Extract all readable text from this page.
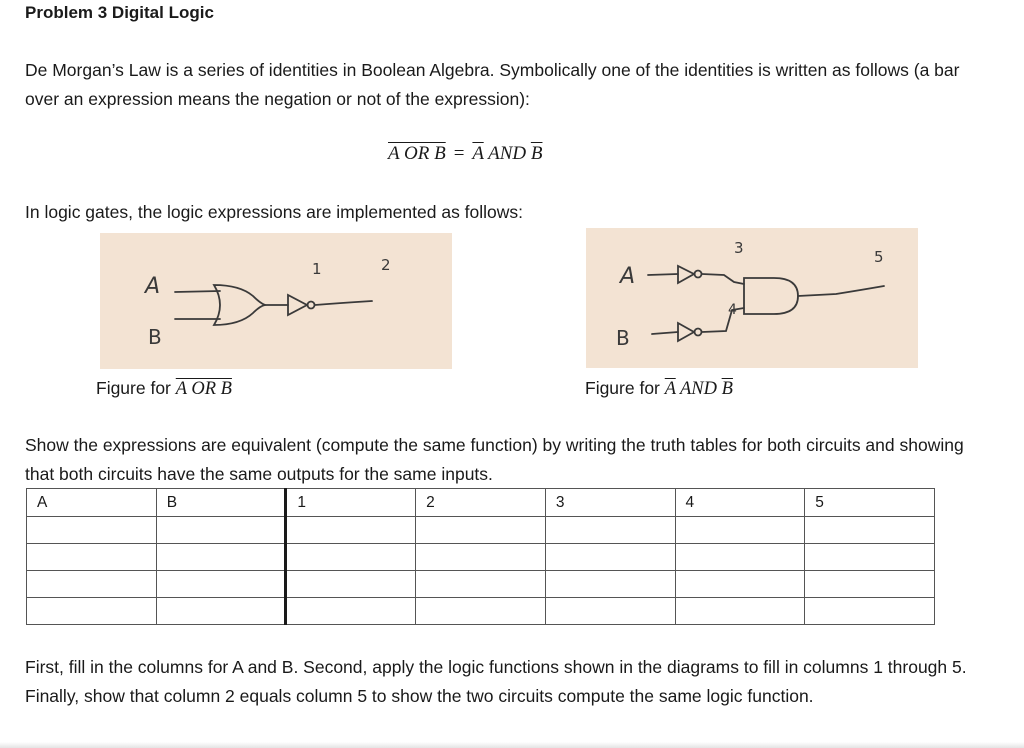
Problem 3 Digital Logic
De Morgan’s Law is a series of identities in Boolean Algebra. Symbolically one of the identities is written as follows (a bar over an expression means the negation or not of the expression):
A OR $B = \overline{A}$ AND $\overline{B}$
In logic gates, the logic expressions are implemented as follows:
A
B
1	2	A
B
3
4
5
Figure for A OR B	Figure for $\overline{A}$ AND $\overline{B}$
Show the expressions are equivalent (compute the same function) by writing the truth tables for both circuits and showing that both circuits have the same outputs for the same inputs.
A	B	1	2	3	4	5

First, fill in the columns for A and B. Second, apply the logic functions shown in the diagrams to fill in columns 1 through 5. Finally, show that column 2 equals column 5 to show the two circuits compute the same logic function.
